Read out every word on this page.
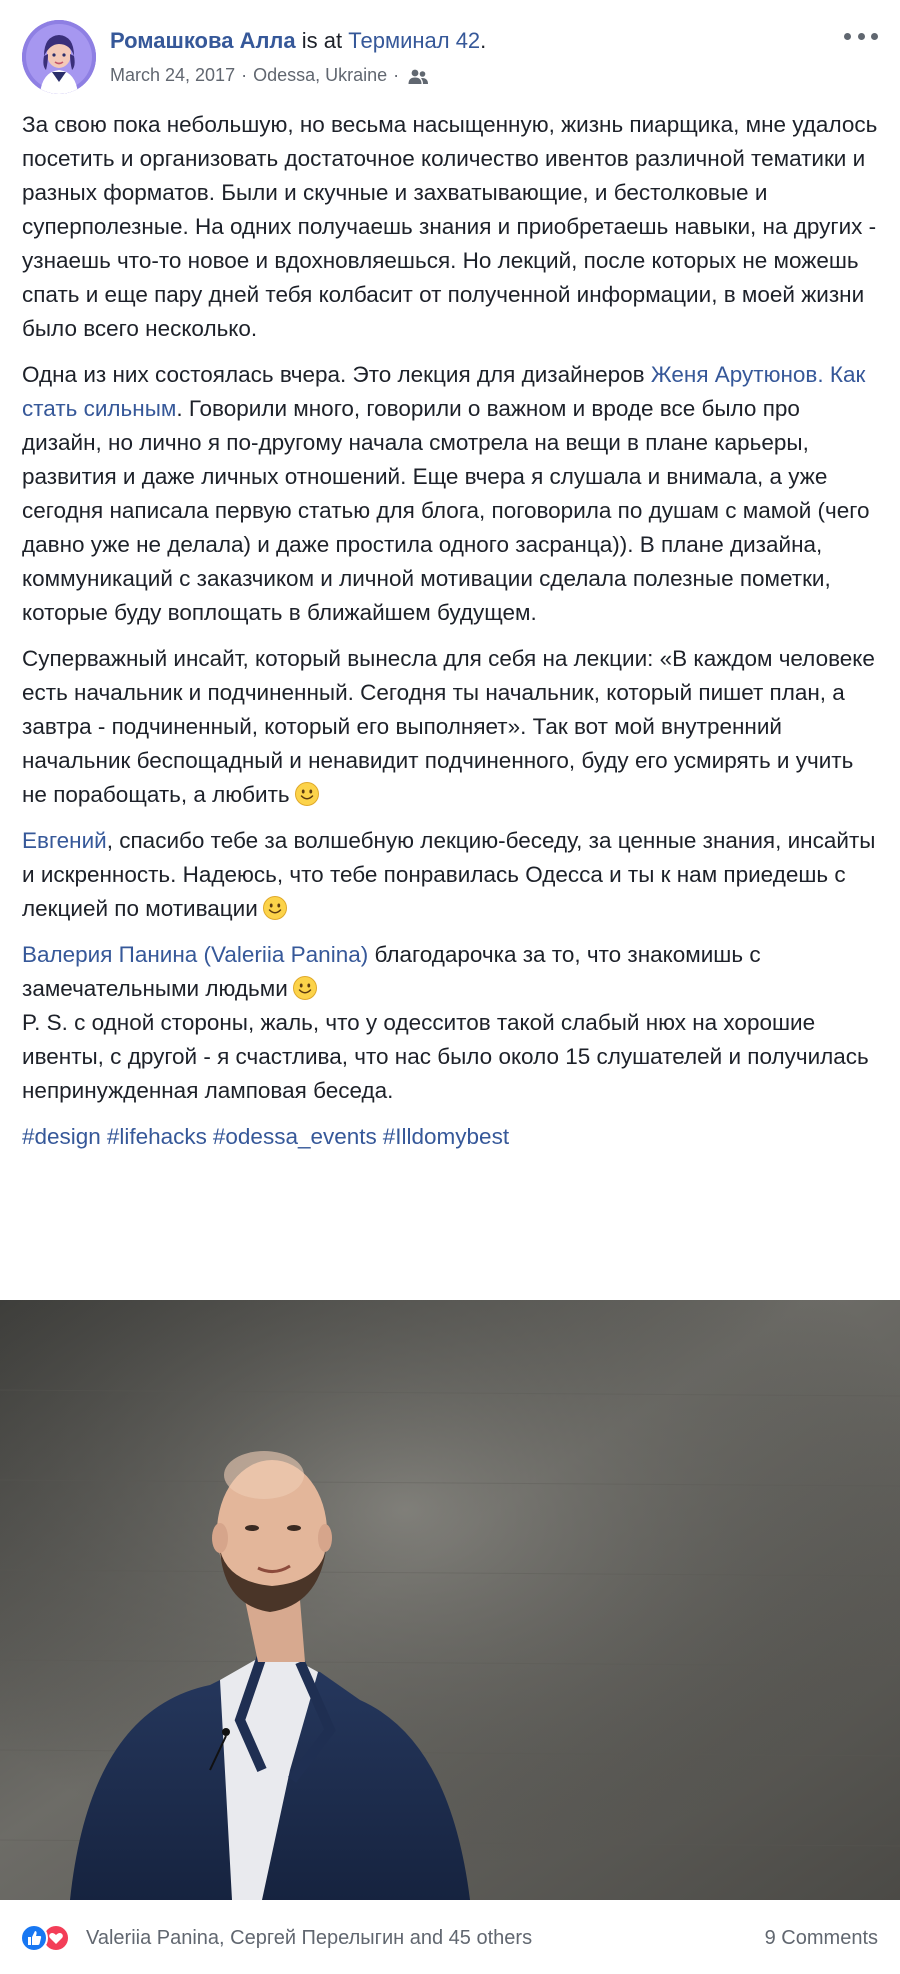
Ромашкова Алла is at Терминал 42.
March 24, 2017 · Odessa, Ukraine ·

За свою пока небольшую, но весьма насыщенную, жизнь пиарщика, мне удалось посетить и организовать достаточное количество ивентов различной тематики и разных форматов. Были и скучные и захватывающие, и бестолковые и суперполезные. На одних получаешь знания и приобретаешь навыки, на других - узнаешь что-то новое и вдохновляешься. Но лекций, после которых не можешь спать и еще пару дней тебя колбасит от полученной информации, в моей жизни было всего несколько.

Одна из них состоялась вчера. Это лекция для дизайнеров Женя Арутюнов. Как стать сильным. Говорили много, говорили о важном и вроде все было про дизайн, но лично я по-другому начала смотрела на вещи в плане карьеры, развития и даже личных отношений. Еще вчера я слушала и внимала, а уже сегодня написала первую статью для блога, поговорила по душам с мамой (чего давно уже не делала) и даже простила одного засранца)). В плане дизайна, коммуникаций с заказчиком и личной мотивации сделала полезные пометки, которые буду воплощать в ближайшем будущем.

Суперважный инсайт, который вынесла для себя на лекции: «В каждом человеке есть начальник и подчиненный. Сегодня ты начальник, который пишет план, а завтра - подчиненный, который его выполняет». Так вот мой внутренний начальник беспощадный и ненавидит подчиненного, буду его усмирять и учить не порабощать, а любить

Евгений, спасибо тебе за волшебную лекцию-беседу, за ценные знания, инсайты и искренность. Надеюсь, что тебе понравилась Одесса и ты к нам приедешь с лекцией по мотивации

Валерия Панина (Valeriia Panina) благодарочка за то, что знакомишь с замечательными людьми

P. S. с одной стороны, жаль, что у одесситов такой слабый нюх на хорошие ивенты, с другой - я счастлива, что нас было около 15 слушателей и получилась непринужденная ламповая беседа.

#design #lifehacks #odessa_events #Illdomybest

Valeriia Panina, Сергей Перелыгин and 45 others	9 Comments
